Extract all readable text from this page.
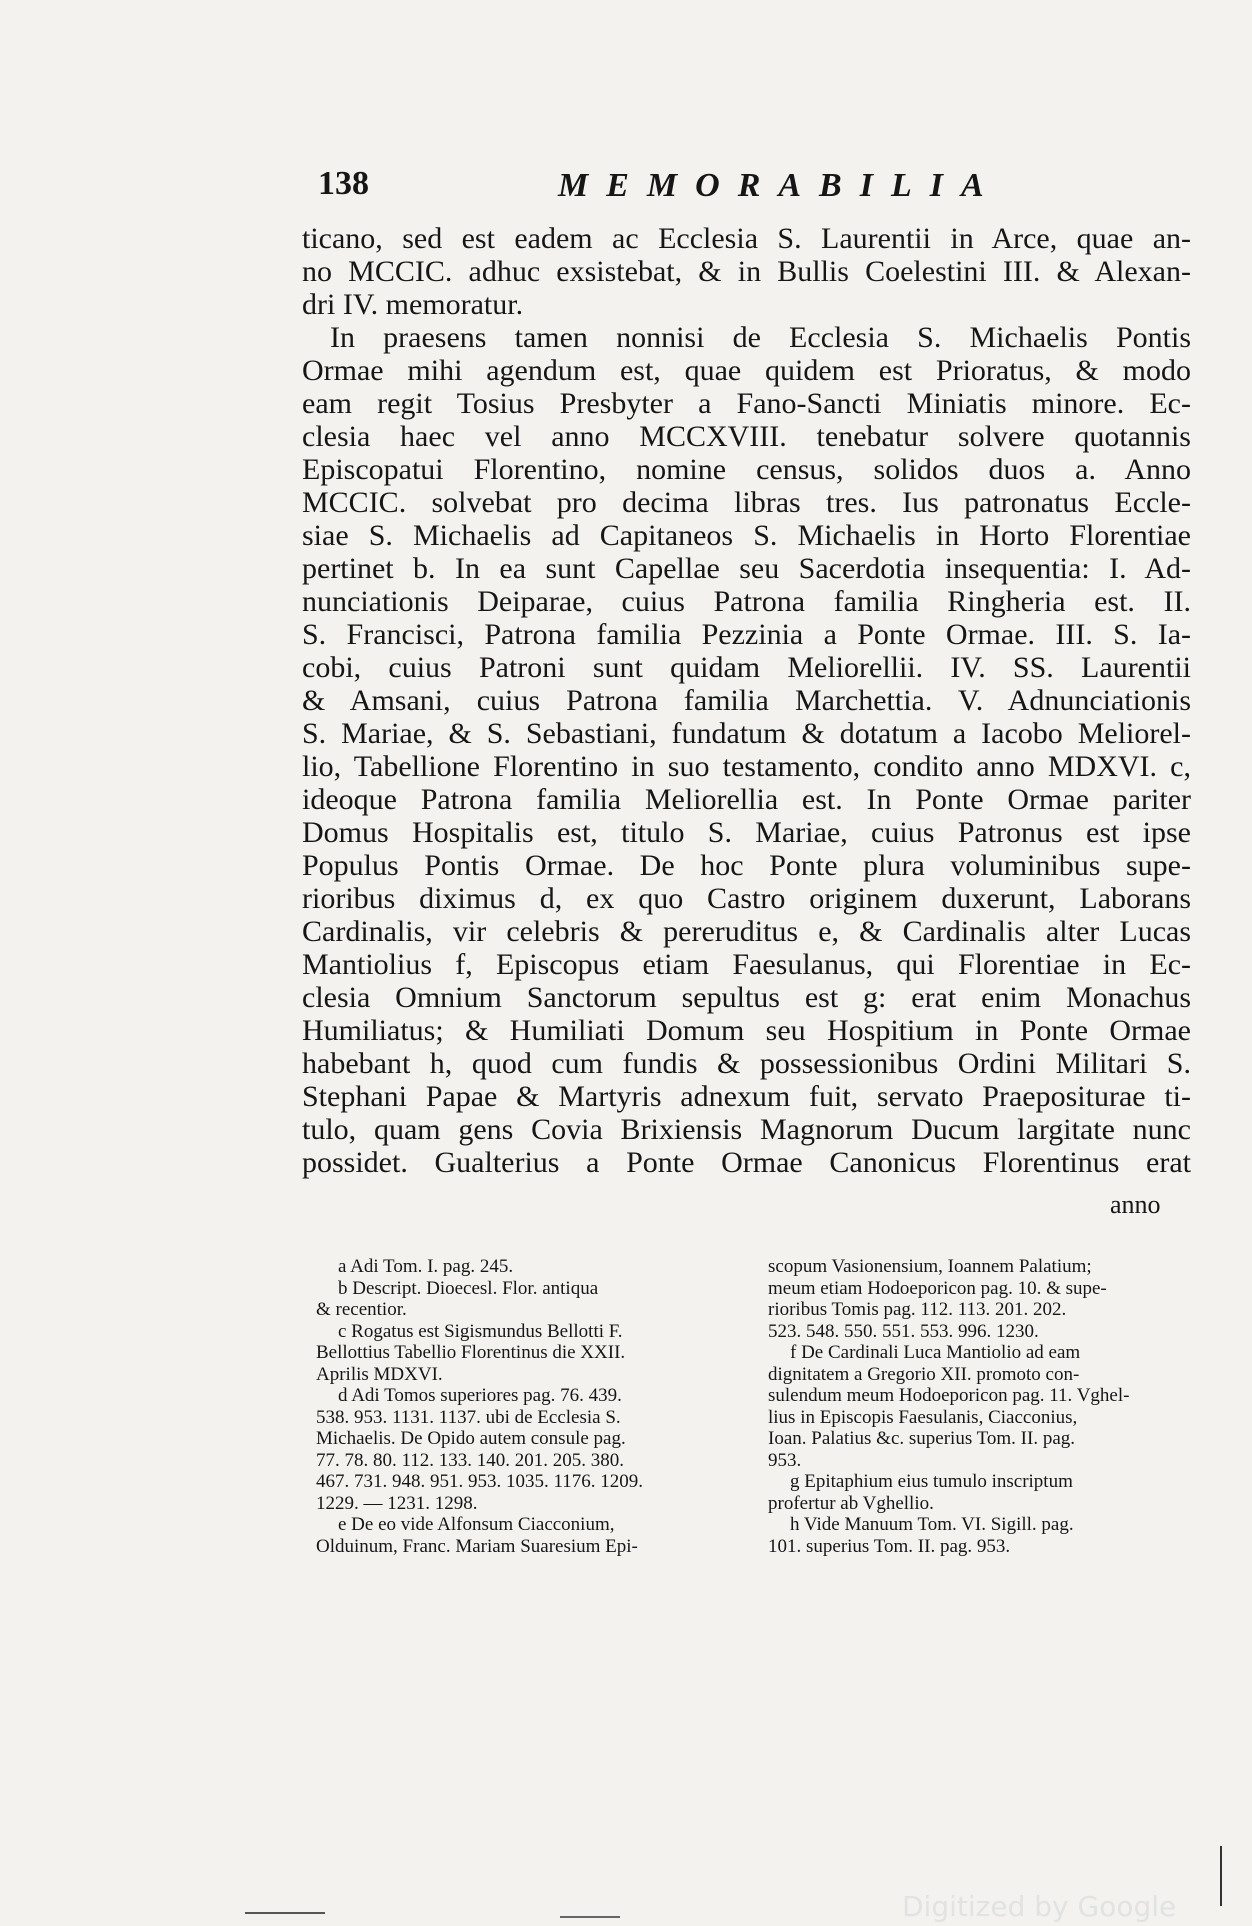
138	MEMORABILIA

ticano, sed est eadem ac Ecclesia S. Laurentii in Arce, quae an-

no MCCIC. adhuc exsistebat, & in Bullis Coelestini III. & Alexan-

dri IV. memoratur.

In praesens tamen nonnisi de Ecclesia S. Michaelis Pontis

Ormae mihi agendum est, quae quidem est Prioratus, & modo

eam regit Tosius Presbyter a Fano-Sancti Miniatis minore. Ec-

clesia haec vel anno MCCXVIII. tenebatur solvere quotannis

Episcopatui Florentino, nomine census, solidos duos a. Anno

MCCIC. solvebat pro decima libras tres. Ius patronatus Eccle-

siae S. Michaelis ad Capitaneos S. Michaelis in Horto Florentiae

pertinet b. In ea sunt Capellae seu Sacerdotia insequentia: I. Ad-

nunciationis Deiparae, cuius Patrona familia Ringheria est. II.

S. Francisci, Patrona familia Pezzinia a Ponte Ormae. III. S. Ia-

cobi, cuius Patroni sunt quidam Meliorellii. IV. SS. Laurentii

& Amsani, cuius Patrona familia Marchettia. V. Adnunciationis

S. Mariae, & S. Sebastiani, fundatum & dotatum a Iacobo Meliorel-

lio, Tabellione Florentino in suo testamento, condito anno MDXVI. c,

ideoque Patrona familia Meliorellia est. In Ponte Ormae pariter

Domus Hospitalis est, titulo S. Mariae, cuius Patronus est ipse

Populus Pontis Ormae. De hoc Ponte plura voluminibus supe-

rioribus diximus d, ex quo Castro originem duxerunt, Laborans

Cardinalis, vir celebris & pereruditus e, & Cardinalis alter Lucas

Mantiolius f, Episcopus etiam Faesulanus, qui Florentiae in Ec-

clesia Omnium Sanctorum sepultus est g: erat enim Monachus

Humiliatus; & Humiliati Domum seu Hospitium in Ponte Ormae

habebant h, quod cum fundis & possessionibus Ordini Militari S.

Stephani Papae & Martyris adnexum fuit, servato Praepositurae ti-

tulo, quam gens Covia Brixiensis Magnorum Ducum largitate nunc

possidet. Gualterius a Ponte Ormae Canonicus Florentinus erat

anno

a Adi Tom. I. pag. 245.

b Descript. Dioecesl. Flor. antiqua

& recentior.

c Rogatus est Sigismundus Bellotti F.

Bellottius Tabellio Florentinus die XXII.

Aprilis MDXVI.

d Adi Tomos superiores pag. 76. 439.

538. 953. 1131. 1137. ubi de Ecclesia S.

Michaelis. De Opido autem consule pag.

77. 78. 80. 112. 133. 140. 201. 205. 380.

467. 731. 948. 951. 953. 1035. 1176. 1209.

1229. — 1231. 1298.

e De eo vide Alfonsum Ciacconium,

Olduinum, Franc. Mariam Suaresium Epi-

scopum Vasionensium, Ioannem Palatium;

meum etiam Hodoeporicon pag. 10. & supe-

rioribus Tomis pag. 112. 113. 201. 202.

523. 548. 550. 551. 553. 996. 1230.

f De Cardinali Luca Mantiolio ad eam

dignitatem a Gregorio XII. promoto con-

sulendum meum Hodoeporicon pag. 11. Vghel-

lius in Episcopis Faesulanis, Ciacconius,

Ioan. Palatius &c. superius Tom. II. pag.

953.

g Epitaphium eius tumulo inscriptum

profertur ab Vghellio.

h Vide Manuum Tom. VI. Sigill. pag.

101. superius Tom. II. pag. 953.

Digitized by Google
